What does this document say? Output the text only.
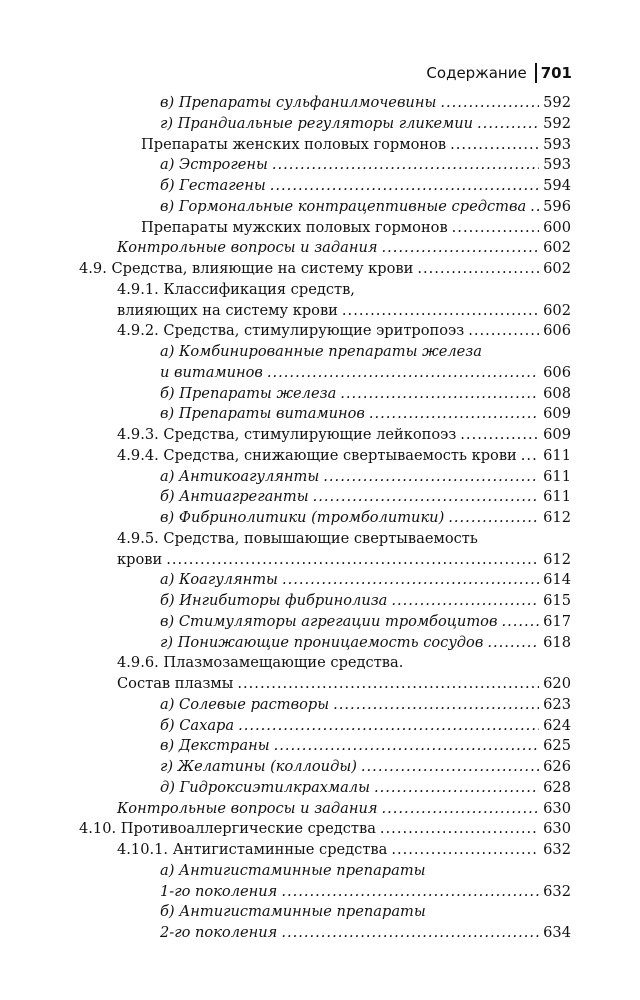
Содержание 701
в) Препараты сульфанилмочевины .....	592
г) Прандиальные регуляторы гликемии .....	592
Препараты женских половых гормонов .....	593
а) Эстрогены .....	593
б) Гестагены .....	594
в) Гормональные контрацептивные средства ..... 596
Препараты мужских половых гормонов .....	600
Контрольные вопросы и задания .....	602
4.9. Средства, влияющие на систему крови .....	602
4.9.1. Классификация средств,
влияющих на систему крови .....	602
4.9.2. Средства, стимулирующие эритропоэз .....	606
а) Комбинированные препараты железа
и витаминов .....	606
б) Препараты железа .....	608
в) Препараты витаминов .....	609
4.9.3. Средства, стимулирующие лейкопоэз .....	609
4.9.4. Средства, снижающие свертываемость крови ..... 611
а) Антикоагулянты .....	611
б) Антиагреганты .....	611
в) Фибринолитики (тромболитики) .....	612
4.9.5. Средства, повышающие свертываемость
крови .....	612
а) Коагулянты .....	614
б) Ингибиторы фибринолиза .....	615
в) Стимуляторы агрегации тромбоцитов .....	617
г) Понижающие проницаемость сосудов .....	618
4.9.6. Плазмозамещающие средства.
Состав плазмы .....	620
а) Солевые растворы .....	623
б) Сахара .....	624
в) Декстраны .....	625
г) Желатины (коллоиды) .....	626
д) Гидроксиэтилкрахмалы .....	628
Контрольные вопросы и задания .....	630
4.10. Противоаллергические средства .....	630
4.10.1. Антигистаминные средства .....	632
а) Антигистаминные препараты
1-го поколения .....	632
б) Антигистаминные препараты
2-го поколения .....	634
